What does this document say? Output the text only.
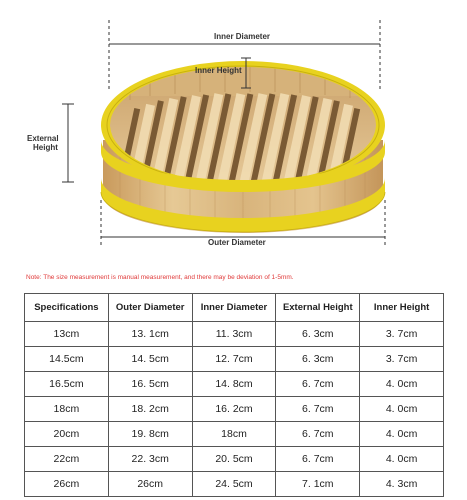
Inner Diameter
Inner Height
External
Height
Outer Diameter
Note: The size measurement is manual measurement, and there may be deviation of 1-5mm.
Specifications	Outer Diameter	Inner Diameter	External Height	Inner Height
13cm	13. 1cm	11. 3cm	6. 3cm	3. 7cm
14.5cm	14. 5cm	12. 7cm	6. 3cm	3. 7cm
16.5cm	16. 5cm	14. 8cm	6. 7cm	4. 0cm
18cm	18. 2cm	16. 2cm	6. 7cm	4. 0cm
20cm	19. 8cm	18cm	6. 7cm	4. 0cm
22cm	22. 3cm	20. 5cm	6. 7cm	4. 0cm
26cm	26cm	24. 5cm	7. 1cm	4. 3cm
